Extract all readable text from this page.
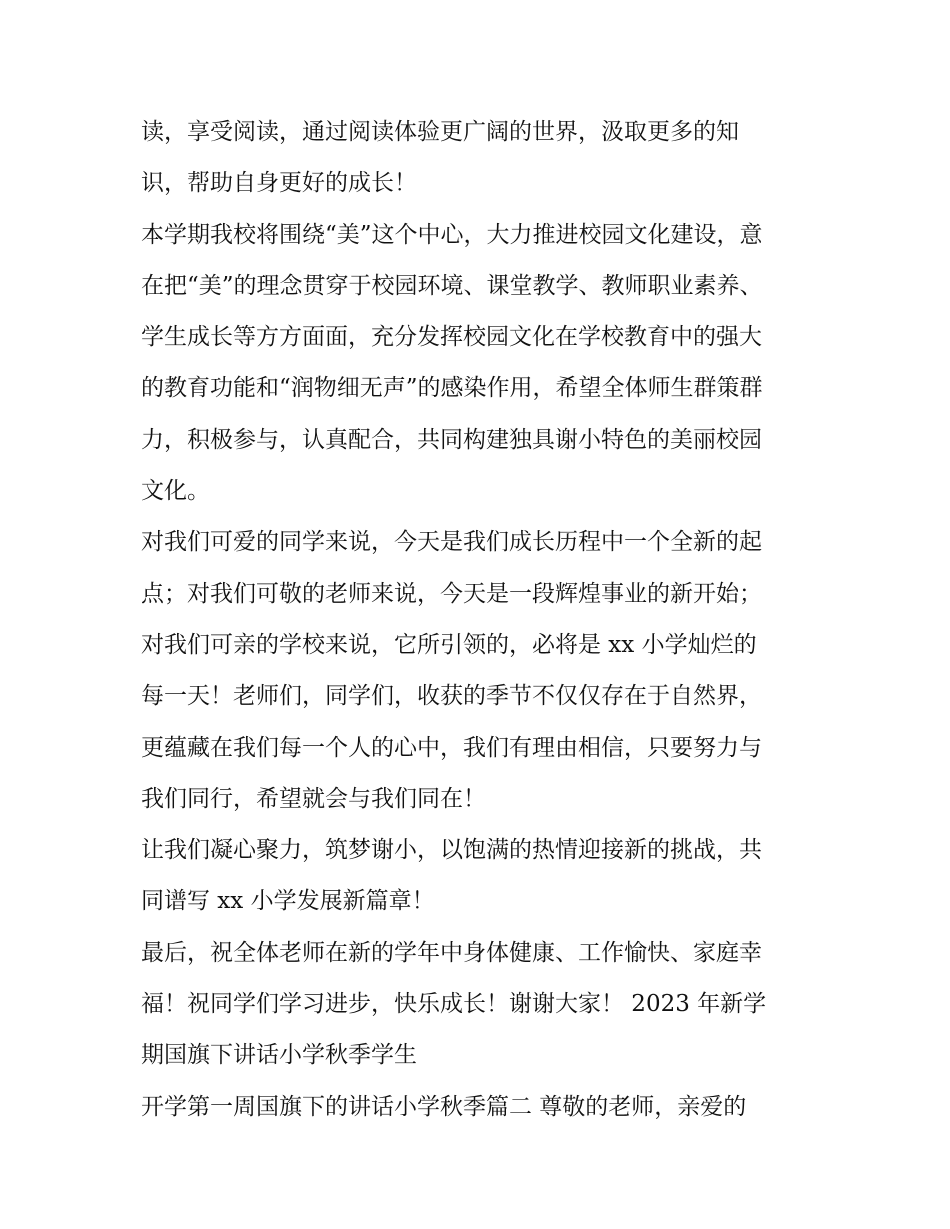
读，享受阅读，通过阅读体验更广阔的世界，汲取更多的知
识，帮助自身更好的成长！
本学期我校将围绕“美”这个中心，大力推进校园文化建设，意
在把“美”的理念贯穿于校园环境、课堂教学、教师职业素养、
学生成长等方方面面，充分发挥校园文化在学校教育中的强大
的教育功能和“润物细无声”的感染作用，希望全体师生群策群
力，积极参与，认真配合，共同构建独具谢小特色的美丽校园
文化。
对我们可爱的同学来说，今天是我们成长历程中一个全新的起
点；对我们可敬的老师来说，今天是一段辉煌事业的新开始；
对我们可亲的学校来说，它所引领的，必将是 xx 小学灿烂的
每一天！老师们，同学们，收获的季节不仅仅存在于自然界，
更蕴藏在我们每一个人的心中，我们有理由相信，只要努力与
我们同行，希望就会与我们同在！
让我们凝心聚力，筑梦谢小，以饱满的热情迎接新的挑战，共
同谱写 xx 小学发展新篇章！
最后，祝全体老师在新的学年中身体健康、工作愉快、家庭幸
福！祝同学们学习进步，快乐成长！谢谢大家！ 2023 年新学
期国旗下讲话小学秋季学生
开学第一周国旗下的讲话小学秋季篇二 尊敬的老师，亲爱的
